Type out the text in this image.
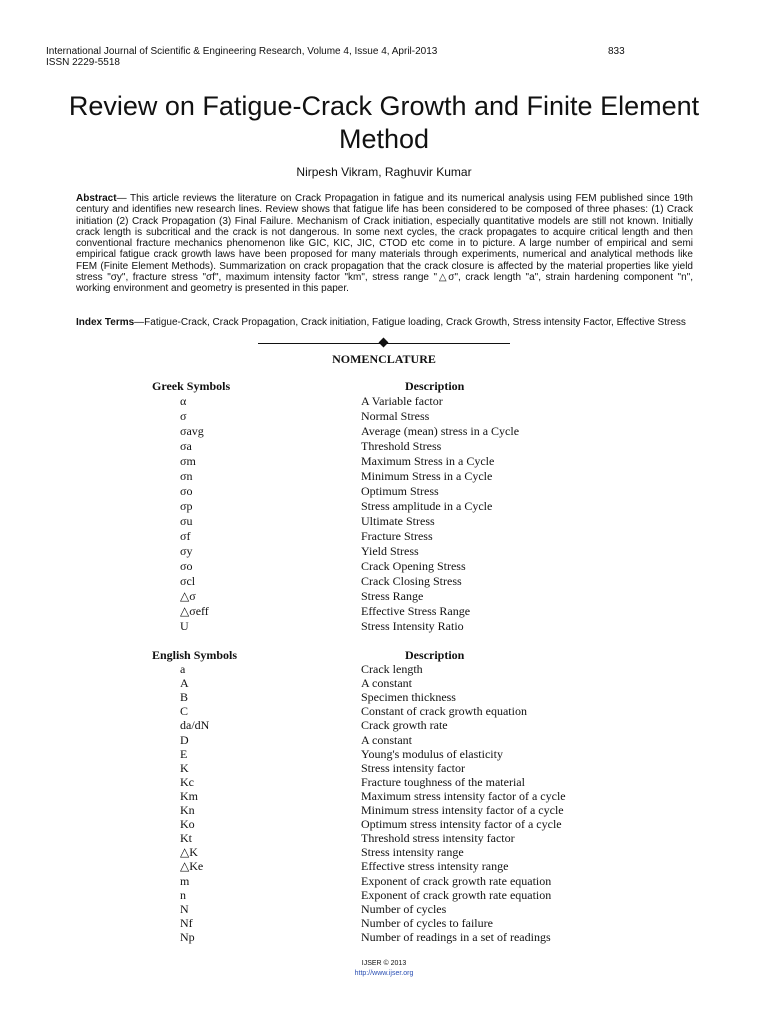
International Journal of Scientific & Engineering Research, Volume 4, Issue 4, April-2013
ISSN 2229-5518
833
Review on Fatigue-Crack Growth and Finite Element Method
Nirpesh Vikram, Raghuvir Kumar

Abstract— This article reviews the literature on Crack Propagation in fatigue and its numerical analysis using FEM published since 19th century and identifies new research lines. Review shows that fatigue life has been considered to be composed of three phases: (1) Crack initiation (2) Crack Propagation (3) Final Failure. Mechanism of Crack initiation, especially quantitative models are still not known. Initially crack length is subcritical and the crack is not dangerous. In some next cycles, the crack propagates to acquire critical length and then conventional fracture mechanics phenomenon like GIC, KIC, JIC, CTOD etc come in to picture. A large number of empirical and semi empirical fatigue crack growth laws have been proposed for many materials through experiments, numerical and analytical methods like FEM (Finite Element Methods). Summarization on crack propagation that the crack closure is affected by the material properties like yield stress "σy", fracture stress "σf", maximum intensity factor "km", stress range "△σ", crack length "a", strain hardening component "n", working environment and geometry is presented in this paper.

Index Terms—Fatigue-Crack, Crack Propagation, Crack initiation, Fatigue loading, Crack Growth, Stress intensity Factor, Effective Stress
NOMENCLATURE
Greek Symbols	Description
α	A Variable factor
σ	Normal Stress
σavg	Average (mean) stress in a Cycle
σa	Threshold Stress
σm	Maximum Stress in a Cycle
σn	Minimum Stress in a Cycle
σo	Optimum Stress
σp	Stress amplitude in a Cycle
σu	Ultimate Stress
σf	Fracture Stress
σy	Yield Stress
σo	Crack Opening Stress
σcl	Crack Closing Stress
△σ	Stress Range
△σeff	Effective Stress Range
U	Stress Intensity Ratio
English Symbols	Description
a	Crack length
A	A constant
B	Specimen thickness
C	Constant of crack growth equation
da/dN	Crack growth rate
D	A constant
E	Young's modulus of elasticity
K	Stress intensity factor
Kc	Fracture toughness of the material
Km	Maximum stress intensity factor of a cycle
Kn	Minimum stress intensity factor of a cycle
Ko	Optimum stress intensity factor of a cycle
Kt	Threshold stress intensity factor
△K	Stress intensity range
△Ke	Effective stress intensity range
m	Exponent of crack growth rate equation
n	Exponent of crack growth rate equation
N	Number of cycles
Nf	Number of cycles to failure
Np	Number of readings in a set of readings
IJSER © 2013
http://www.ijser.org
